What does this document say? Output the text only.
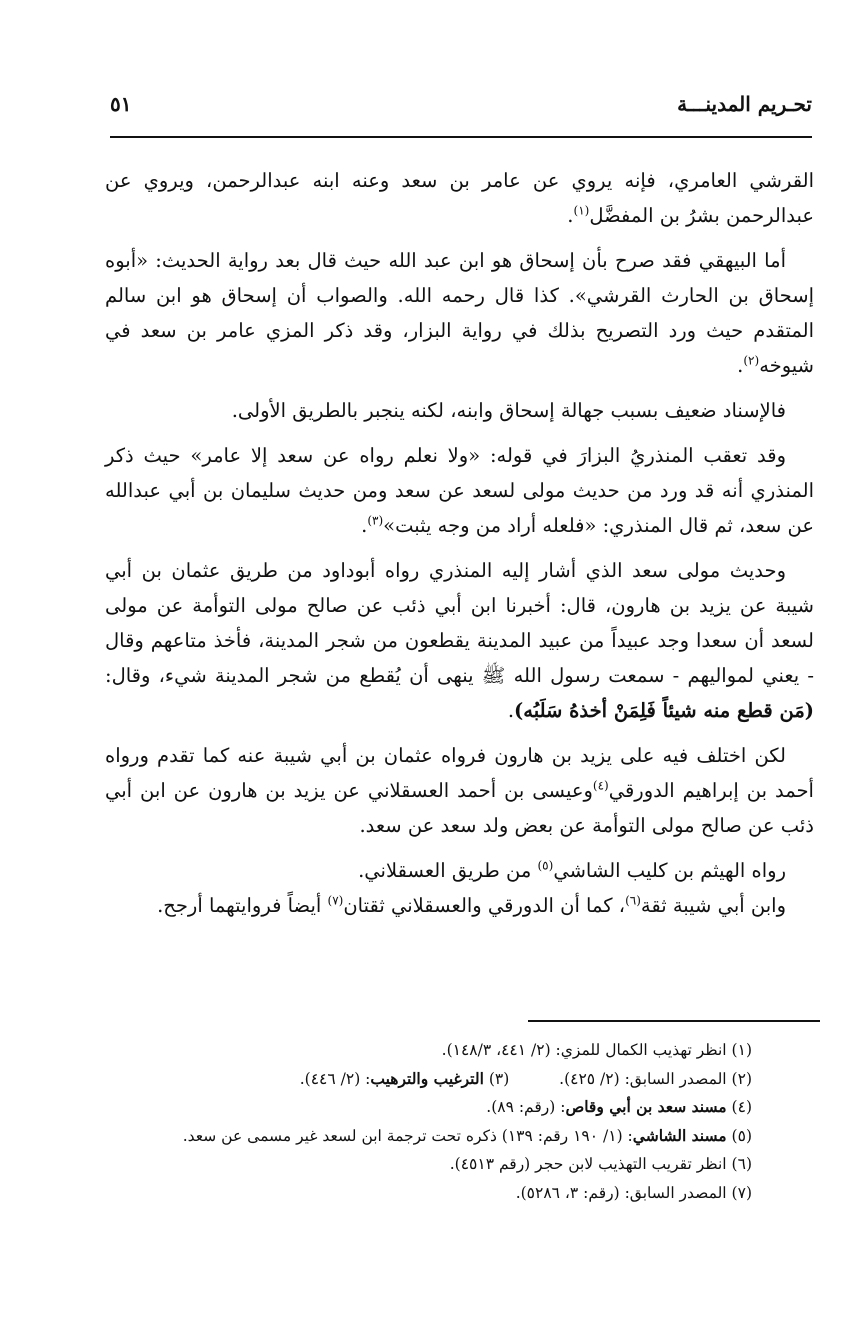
تحـريم المدينـــة
٥١

القرشي العامري، فإنه يروي عن عامر بن سعد وعنه ابنه عبدالرحمن، ويروي عن عبدالرحمن بشرُ بن المفضَّل$^{(١)}$.

أما البيهقي فقد صرح بأن إسحاق هو ابن عبد الله حيث قال بعد رواية الحديث: «أبوه إسحاق بن الحارث القرشي». كذا قال رحمه الله. والصواب أن إسحاق هو ابن سالم المتقدم حيث ورد التصريح بذلك في رواية البزار، وقد ذكر المزي عامر بن سعد في شيوخه$^{(٢)}$.

فالإسناد ضعيف بسبب جهالة إسحاق وابنه، لكنه ينجبر بالطريق الأولى.

وقد تعقب المنذريُ البزارَ في قوله: «ولا نعلم رواه عن سعد إلا عامر» حيث ذكر المنذري أنه قد ورد من حديث مولى لسعد عن سعد ومن حديث سليمان بن أبي عبدالله عن سعد، ثم قال المنذري: «فلعله أراد من وجه يثبت»$^{(٣)}$.

وحديث مولى سعد الذي أشار إليه المنذري رواه أبوداود من طريق عثمان بن أبي شيبة عن يزيد بن هارون، قال: أخبرنا ابن أبي ذئب عن صالح مولى التوأمة عن مولى لسعد أن سعدا وجد عبيداً من عبيد المدينة يقطعون من شجر المدينة، فأخذ متاعهم وقال - يعني لمواليهم - سمعت رسول الله ﷺ ينهى أن يُقطع من شجر المدينة شيء، وقال:(مَن قطع منه شيئاً فَلِمَنْ أخذهُ سَلَبُه).

لكن اختلف فيه على يزيد بن هارون فرواه عثمان بن أبي شيبة عنه كما تقدم ورواه أحمد بن إبراهيم الدورقي$^{(٤)}$وعيسى بن أحمد العسقلاني عن يزيد بن هارون عن ابن أبي ذئب عن صالح مولى التوأمة عن بعض ولد سعد عن سعد.

رواه الهيثم بن كليب الشاشي$^{(٥)}$ من طريق العسقلاني.

وابن أبي شيبة ثقة$^{(٦)}$، كما أن الدورقي والعسقلاني ثقتان$^{(٧)}$ أيضاً فروايتهما أرجح.

(١) انظر تهذيب الكمال للمزي: (٢/ ٤٤١، ١٤٨/٣).
(٢) المصدر السابق: (٢/ ٤٢٥).  (٣) الترغيب والترهيب: (٢/ ٤٤٦).
(٤) مسند سعد بن أبي وقاص: (رقم: ٨٩).
(٥) مسند الشاشي: (١/ ١٩٠ رقم: ١٣٩) ذكره تحت ترجمة ابن لسعد غير مسمى عن سعد.
(٦) انظر تقريب التهذيب لابن حجر (رقم ٤٥١٣).
(٧) المصدر السابق: (رقم: ٣، ٥٢٨٦).
